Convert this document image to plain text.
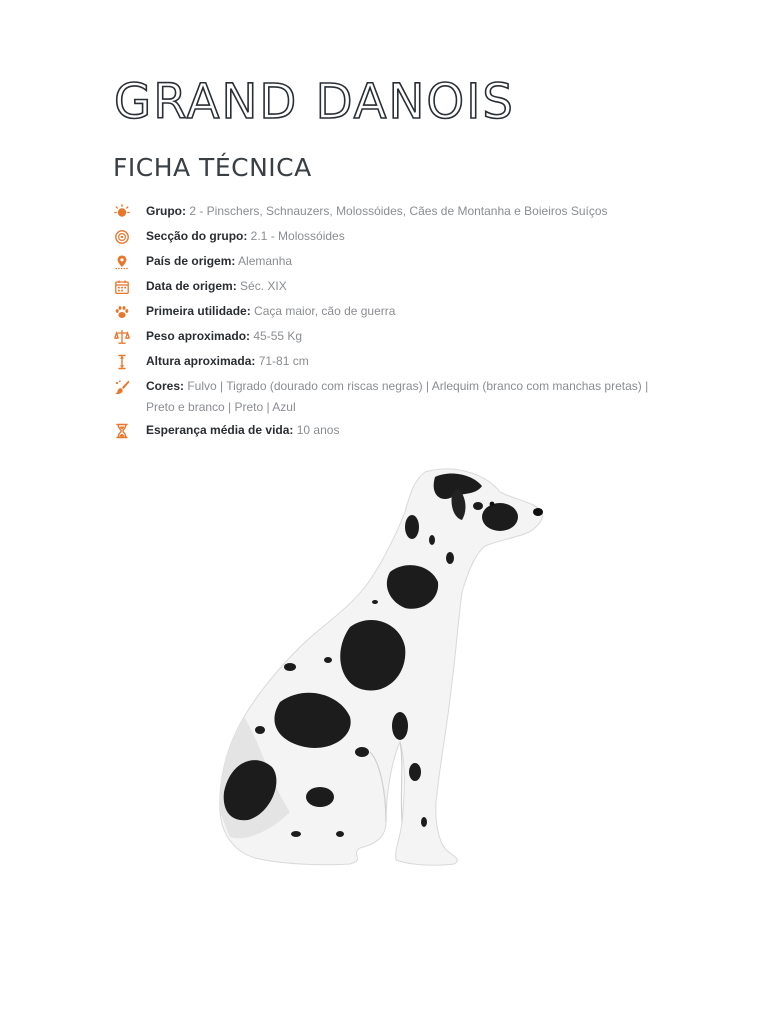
GRAND DANOIS
FICHA TÉCNICA
Grupo: 2 - Pinschers, Schnauzers, Molossóides, Cães de Montanha e Boieiros Suíços
Secção do grupo: 2.1 - Molossóides
País de origem: Alemanha
Data de origem: Séc. XIX
Primeira utilidade: Caça maior, cão de guerra
Peso aproximado: 45-55 Kg
Altura aproximada: 71-81 cm
Cores: Fulvo | Tigrado (dourado com riscas negras) | Arlequim (branco com manchas pretas) | Preto e branco | Preto | Azul
Esperança média de vida: 10 anos
